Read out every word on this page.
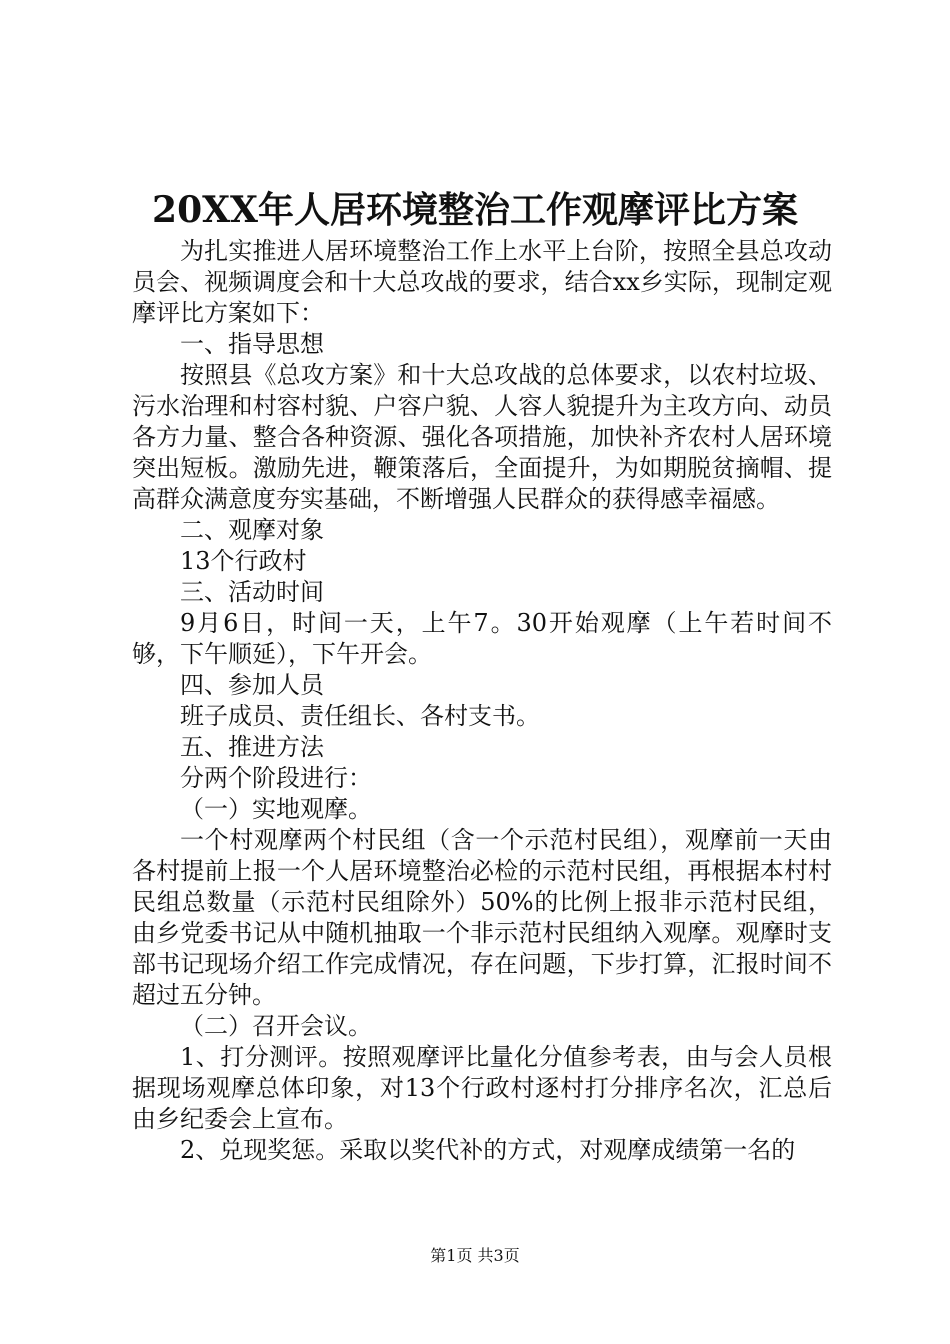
20XX年人居环境整治工作观摩评比方案

为扎实推进人居环境整治工作上水平上台阶，按照全县总攻动员会、视频调度会和十大总攻战的要求，结合xx乡实际，现制定观摩评比方案如下：

一、指导思想

按照县《总攻方案》和十大总攻战的总体要求，以农村垃圾、污水治理和村容村貌、户容户貌、人容人貌提升为主攻方向、动员各方力量、整合各种资源、强化各项措施，加快补齐农村人居环境突出短板。激励先进，鞭策落后，全面提升，为如期脱贫摘帽、提高群众满意度夯实基础，不断增强人民群众的获得感幸福感。

二、观摩对象

13个行政村

三、活动时间

9月6日，时间一天，上午7。30开始观摩（上午若时间不够，下午顺延），下午开会。

四、参加人员

班子成员、责任组长、各村支书。

五、推进方法

分两个阶段进行：

（一）实地观摩。

一个村观摩两个村民组（含一个示范村民组），观摩前一天由各村提前上报一个人居环境整治必检的示范村民组，再根据本村村民组总数量（示范村民组除外）50%的比例上报非示范村民组，由乡党委书记从中随机抽取一个非示范村民组纳入观摩。观摩时支部书记现场介绍工作完成情况，存在问题，下步打算，汇报时间不超过五分钟。

（二）召开会议。

1、打分测评。按照观摩评比量化分值参考表，由与会人员根据现场观摩总体印象，对13个行政村逐村打分排序名次，汇总后由乡纪委会上宣布。

2、兑现奖惩。采取以奖代补的方式，对观摩成绩第一名的

第1页 共3页
